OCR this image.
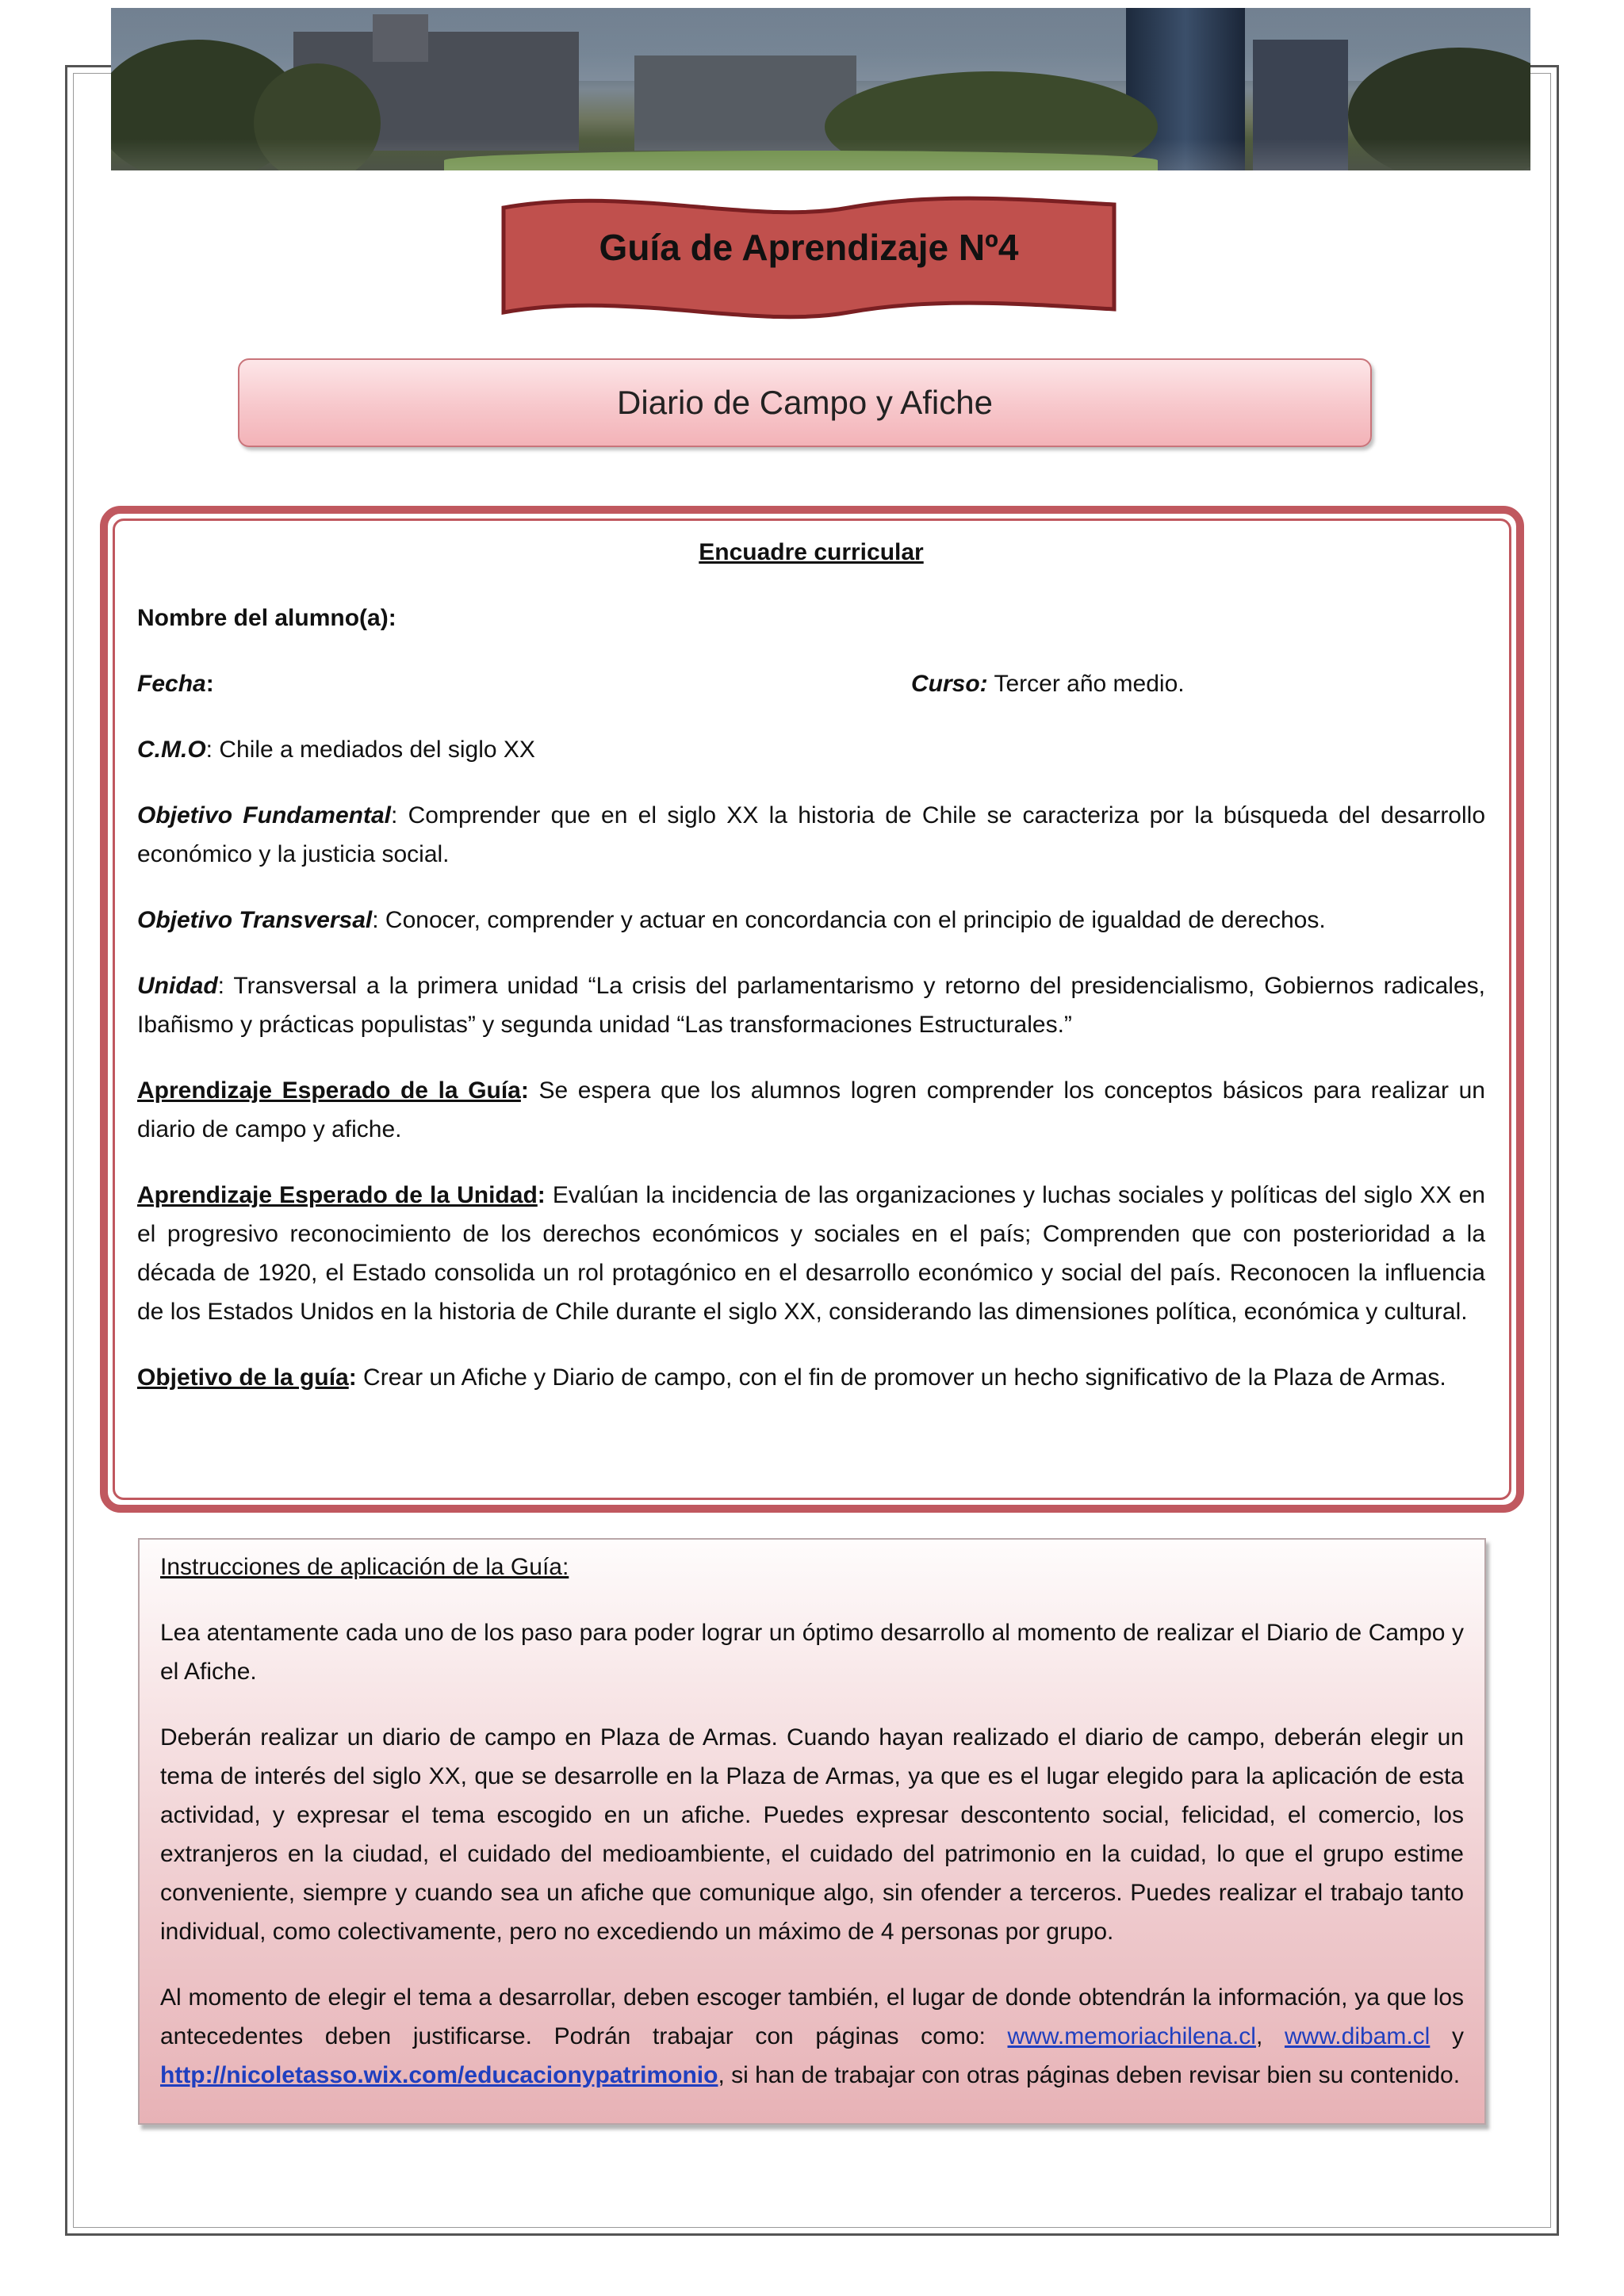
Guía de Aprendizaje Nº4
Diario de Campo y Afiche

Encuadre curricular

Nombre del alumno(a):

Fecha:	Curso: Tercer año medio.

C.M.O: Chile a mediados del siglo XX

Objetivo Fundamental: Comprender que en el siglo XX la historia de Chile se caracteriza por la búsqueda del desarrollo económico y la justicia social.

Objetivo Transversal: Conocer, comprender y actuar en concordancia con el principio de igualdad de derechos.

Unidad: Transversal a la primera unidad “La crisis del parlamentarismo y retorno del presidencialismo, Gobiernos radicales, Ibañismo y prácticas populistas” y segunda unidad “Las transformaciones Estructurales.”

Aprendizaje Esperado de la Guía: Se espera que los alumnos logren comprender los conceptos básicos para realizar un diario de campo y afiche.

Aprendizaje Esperado de la Unidad: Evalúan la incidencia de las organizaciones y luchas sociales y políticas del siglo XX en el progresivo reconocimiento de los derechos económicos y sociales en el país; Comprenden que con posterioridad a la década de 1920, el Estado consolida un rol protagónico en el desarrollo económico y social del país. Reconocen la influencia de los Estados Unidos en la historia de Chile durante el siglo XX, considerando las dimensiones política, económica y cultural.

Objetivo de la guía: Crear un Afiche y Diario de campo, con el fin de promover un hecho significativo de la Plaza de Armas.

Instrucciones de aplicación de la Guía:

Lea atentamente cada uno de los paso para poder lograr un óptimo desarrollo al momento de realizar el Diario de Campo y el Afiche.

Deberán realizar un diario de campo en Plaza de Armas. Cuando hayan realizado el diario de campo, deberán elegir un tema de interés del siglo XX, que se desarrolle en la Plaza de Armas, ya que es el lugar elegido para la aplicación de esta actividad, y expresar el tema escogido en un afiche. Puedes expresar descontento social, felicidad, el comercio, los extranjeros en la ciudad, el cuidado del medioambiente, el cuidado del patrimonio en la cuidad, lo que el grupo estime conveniente, siempre y cuando sea un afiche que comunique algo, sin ofender a terceros. Puedes realizar el trabajo tanto individual, como colectivamente, pero no excediendo un máximo de 4 personas por grupo.

Al momento de elegir el tema a desarrollar, deben escoger también, el lugar de donde obtendrán la información, ya que los antecedentes deben justificarse. Podrán trabajar con páginas como: www.memoriachilena.cl, www.dibam.cl y http://nicoletasso.wix.com/educacionypatrimonio, si han de trabajar con otras páginas deben revisar bien su contenido.
